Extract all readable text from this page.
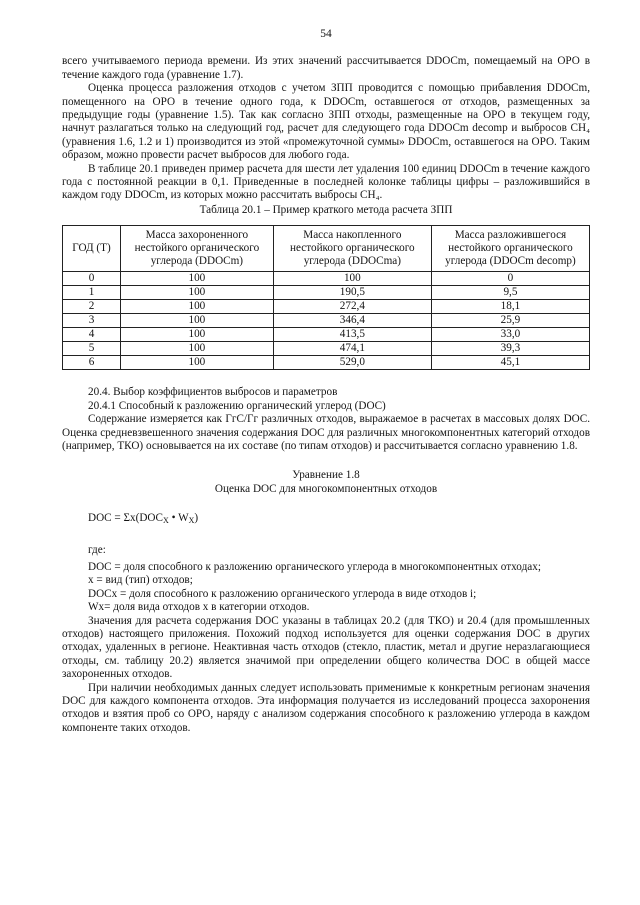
54

всего учитываемого периода времени. Из этих значений рассчитывается DDOCm, помещаемый на ОРО в течение каждого года (уравнение 1.7).

Оценка процесса разложения отходов с учетом ЗПП проводится с помощью прибавления DDOCm, помещенного на ОРО в течение одного года, к DDOCm, оставшегося от отходов, размещенных за предыдущие годы (уравнение 1.5). Так как согласно ЗПП отходы, размещенные на ОРО в текущем году, начнут разлагаться только на следующий год, расчет для следующего года DDOCm decomp и выбросов CH₄ (уравнения 1.6, 1.2 и 1) производится из этой «промежуточной суммы» DDOCm, оставшегося на ОРО. Таким образом, можно провести расчет выбросов для любого года.

В таблице 20.1 приведен пример расчета для шести лет удаления 100 единиц DDOCm в течение каждого года с постоянной реакции в 0,1. Приведенные в последней колонке таблицы цифры – разложившийся в каждом году DDOCm, из которых можно рассчитать выбросы CH₄.

Таблица 20.1 – Пример краткого метода расчета ЗПП
ГОД (Т)	Масса захороненного нестойкого органического углерода (DDOCm)	Масса накопленного нестойкого органического углерода (DDOCma)	Масса разложившегося нестойкого органического углерода (DDOCm decomp)
0	100	100	0
1	100	190,5	9,5
2	100	272,4	18,1
3	100	346,4	25,9
4	100	413,5	33,0
5	100	474,1	39,3
6	100	529,0	45,1

20.4. Выбор коэффициентов выбросов и параметров

20.4.1 Способный к разложению органический углерод (DOC)

Содержание измеряется как ГгС/Гг различных отходов, выражаемое в расчетах в массовых долях DOC. Оценка средневзвешенного значения содержания DOC для различных многокомпонентных категорий отходов (например, ТКО) основывается на их составе (по типам отходов) и рассчитывается согласно уравнению 1.8.

Уравнение 1.8
Оценка DOC для многокомпонентных отходов
DOC = $\Sigma x(DOC_X$ • $W_X$)

где:

DOC = доля способного к разложению органического углерода в многокомпонентных отходах;

x = вид (тип) отходов;

DOCx = доля способного к разложению органического углерода в виде отходов i;

Wx= доля вида отходов x в категории отходов.

Значения для расчета содержания DOC указаны в таблицах 20.2 (для ТКО) и 20.4 (для промышленных отходов) настоящего приложения. Похожий подход используется для оценки содержания DOC в других отходах, удаленных в регионе. Неактивная часть отходов (стекло, пластик, метал и другие неразлагающиеся отходы, см. таблицу 20.2) является значимой при определении общего количества DOC в общей массе захороненных отходов.

При наличии необходимых данных следует использовать применимые к конкретным регионам значения DOC для каждого компонента отходов. Эта информация получается из исследований процесса захоронения отходов и взятия проб со ОРО, наряду с анализом содержания способного к разложению углерода в каждом компоненте таких отходов.
